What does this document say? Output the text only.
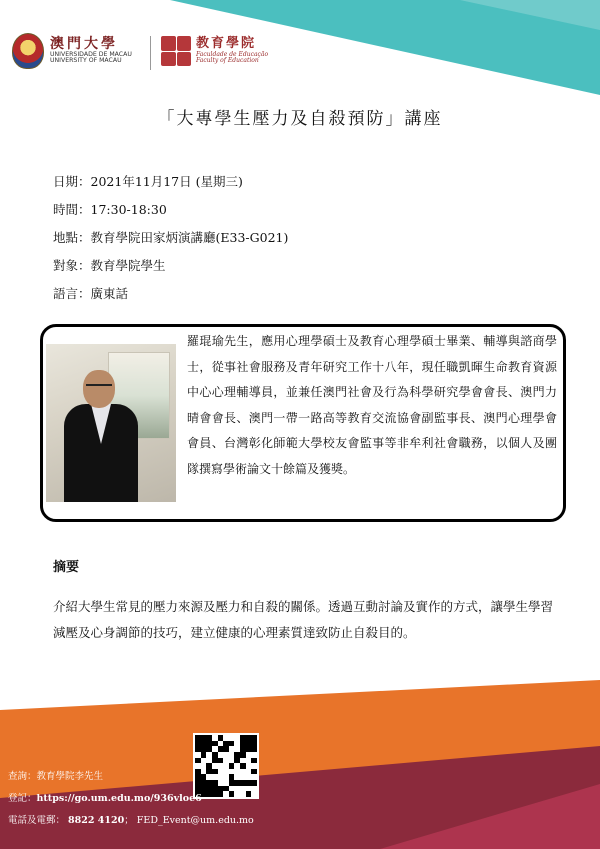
澳門大學
UNIVERSIDADE DE MACAU
UNIVERSITY OF MACAU
教育學院
Faculdade de Educação
Faculty of Education
「大專學生壓力及自殺預防」講座
日期：2021年11月17日 (星期三)
時間：17:30-18:30
地點：教育學院田家炳演講廳(E33-G021)
對象：教育學院學生
語言：廣東話
羅琨瑜先生，應用心理學碩士及教育心理學碩士畢業、輔導與諮商學士，從事社會服務及青年研究工作十八年，現任職凱暉生命教育資源中心心理輔導員，並兼任澳門社會及行為科學研究學會會長、澳門力晴會會長、澳門一帶一路高等教育交流協會副監事長、澳門心理學會會員、台灣彰化師範大學校友會監事等非牟利社會職務，以個人及團隊撰寫學術論文十餘篇及獲獎。
摘要
介紹大學生常見的壓力來源及壓力和自殺的關係。透過互動討論及實作的方式，讓學生學習減壓及心身調節的技巧，建立健康的心理素質達致防止自殺目的。
查詢：教育學院李先生
登記：https://go.um.edu.mo/936vloe6
電話及電郵： 8822 4120； FED_Event@um.edu.mo
